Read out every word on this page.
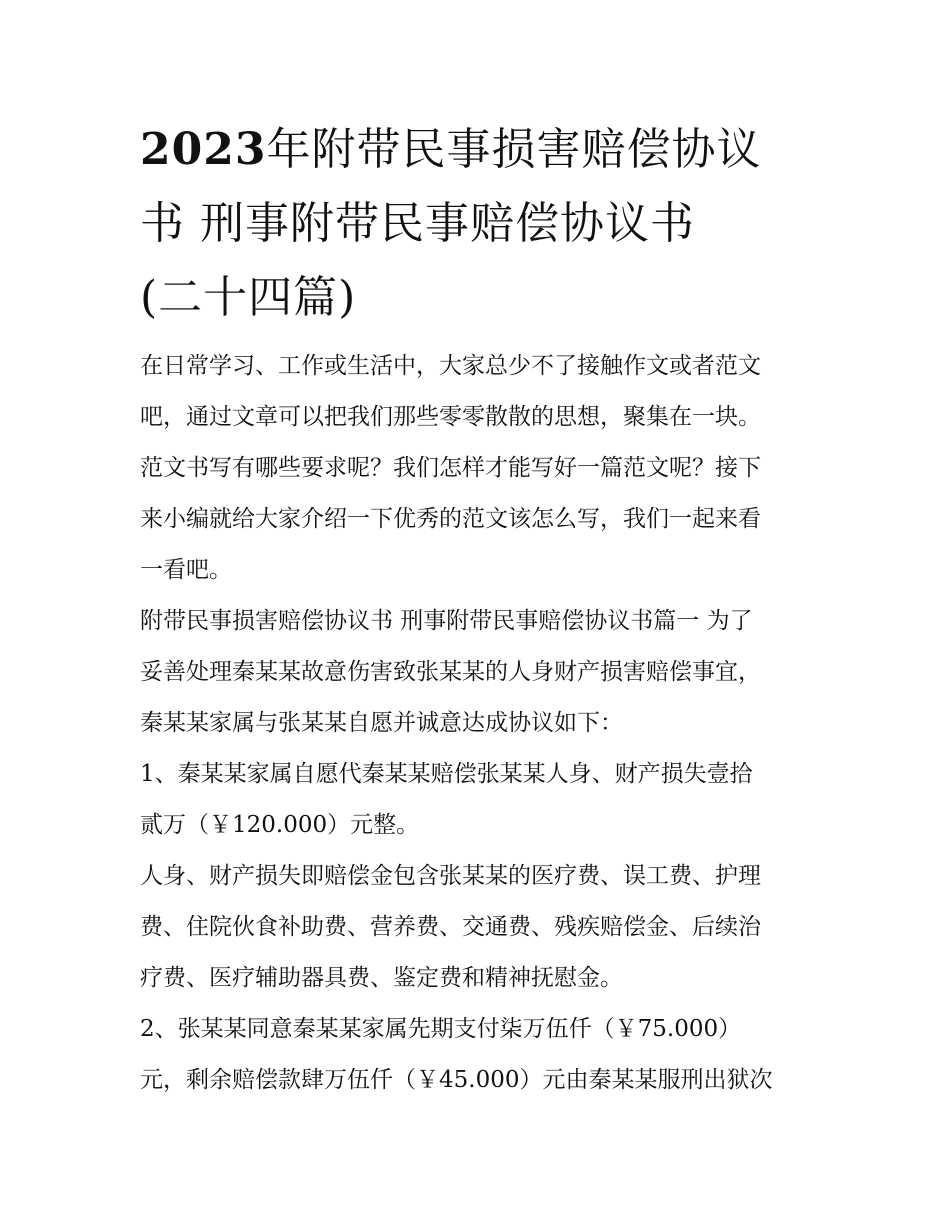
2023年附带民事损害赔偿协议
书 刑事附带民事赔偿协议书
(二十四篇)

在日常学习、工作或生活中，大家总少不了接触作文或者范文
吧，通过文章可以把我们那些零零散散的思想，聚集在一块。
范文书写有哪些要求呢？我们怎样才能写好一篇范文呢？接下
来小编就给大家介绍一下优秀的范文该怎么写，我们一起来看
一看吧。

附带民事损害赔偿协议书 刑事附带民事赔偿协议书篇一 为了
妥善处理秦某某故意伤害致张某某的人身财产损害赔偿事宜，
秦某某家属与张某某自愿并诚意达成协议如下：

1、秦某某家属自愿代秦某某赔偿张某某人身、财产损失壹拾
贰万（￥120.000）元整。

人身、财产损失即赔偿金包含张某某的医疗费、误工费、护理
费、住院伙食补助费、营养费、交通费、残疾赔偿金、后续治
疗费、医疗辅助器具费、鉴定费和精神抚慰金。

2、张某某同意秦某某家属先期支付柒万伍仟（￥75.000）
元，剩余赔偿款肆万伍仟（￥45.000）元由秦某某服刑出狱次
